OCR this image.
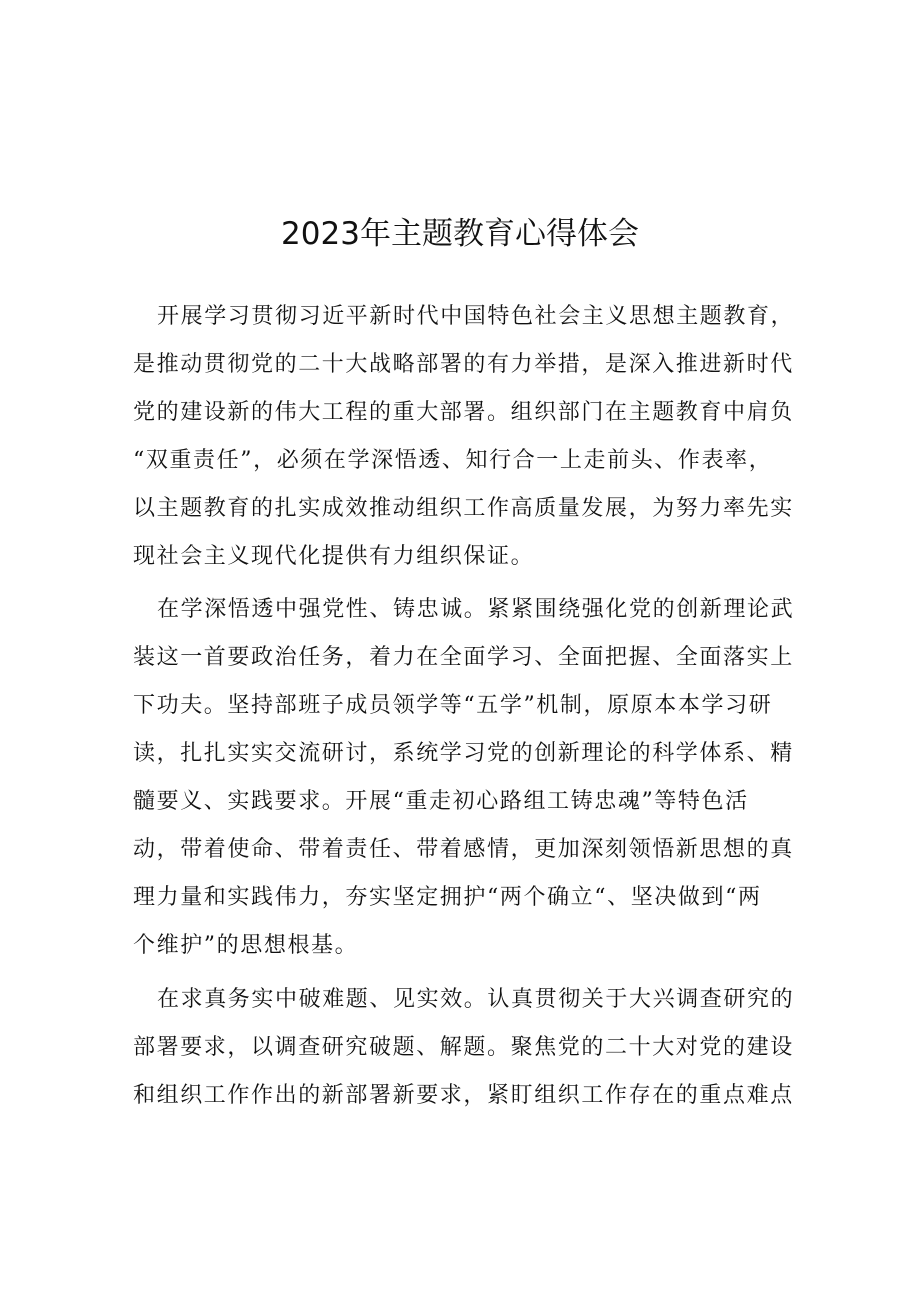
2023年主题教育心得体会
开展学习贯彻习近平新时代中国特色社会主义思想主题教育，
是推动贯彻党的二十大战略部署的有力举措，是深入推进新时代
党的建设新的伟大工程的重大部署。组织部门在主题教育中肩负
“双重责任”，必须在学深悟透、知行合一上走前头、作表率，
以主题教育的扎实成效推动组织工作高质量发展，为努力率先实
现社会主义现代化提供有力组织保证。
在学深悟透中强党性、铸忠诚。紧紧围绕强化党的创新理论武
装这一首要政治任务，着力在全面学习、全面把握、全面落实上
下功夫。坚持部班子成员领学等“五学”机制，原原本本学习研
读，扎扎实实交流研讨，系统学习党的创新理论的科学体系、精
髓要义、实践要求。开展“重走初心路组工铸忠魂”等特色活
动，带着使命、带着责任、带着感情，更加深刻领悟新思想的真
理力量和实践伟力，夯实坚定拥护“两个确立“、坚决做到“两
个维护”的思想根基。
在求真务实中破难题、见实效。认真贯彻关于大兴调查研究的
部署要求，以调查研究破题、解题。聚焦党的二十大对党的建设
和组织工作作出的新部署新要求，紧盯组织工作存在的重点难点
